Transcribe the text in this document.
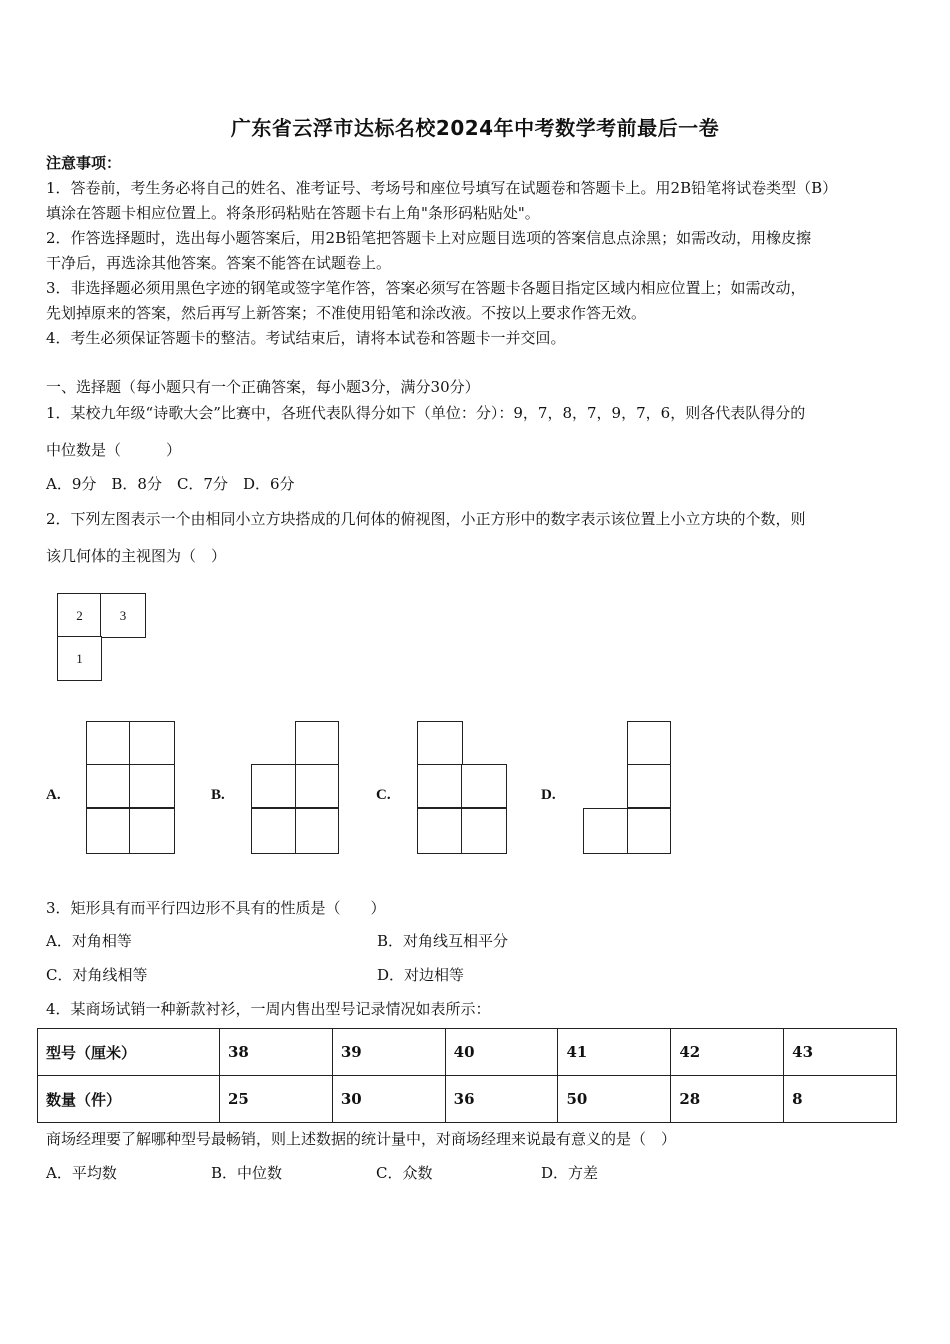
广东省云浮市达标名校2024年中考数学考前最后一卷
注意事项：
1．答卷前，考生务必将自己的姓名、准考证号、考场号和座位号填写在试题卷和答题卡上。用2B铅笔将试卷类型（B）
填涂在答题卡相应位置上。将条形码粘贴在答题卡右上角"条形码粘贴处"。
2．作答选择题时，选出每小题答案后，用2B铅笔把答题卡上对应题目选项的答案信息点涂黑；如需改动，用橡皮擦
干净后，再选涂其他答案。答案不能答在试题卷上。
3．非选择题必须用黑色字迹的钢笔或签字笔作答，答案必须写在答题卡各题目指定区域内相应位置上；如需改动，
先划掉原来的答案，然后再写上新答案；不准使用铅笔和涂改液。不按以上要求作答无效。
4．考生必须保证答题卡的整洁。考试结束后，请将本试卷和答题卡一并交回。
一、选择题（每小题只有一个正确答案，每小题3分，满分30分）
1．某校九年级“诗歌大会”比赛中，各班代表队得分如下（单位：分）：9，7，8，7，9，7，6，则各代表队得分的
中位数是（　　　）
A．9分　B．8分　C．7分　D．6分
2．下列左图表示一个由相同小立方块搭成的几何体的俯视图，小正方形中的数字表示该位置上小立方块的个数，则
该几何体的主视图为（　）
2	3
1
A.	B.	C.	D.
3．矩形具有而平行四边形不具有的性质是（　　）
A．对角相等	B．对角线互相平分
C．对角线相等	D．对边相等
4．某商场试销一种新款衬衫，一周内售出型号记录情况如表所示：
型号（厘米）	38	39	40	41	42	43
数量（件）	25	30	36	50	28	8
商场经理要了解哪种型号最畅销，则上述数据的统计量中，对商场经理来说最有意义的是（　）
A．平均数	B．中位数	C．众数	D．方差
